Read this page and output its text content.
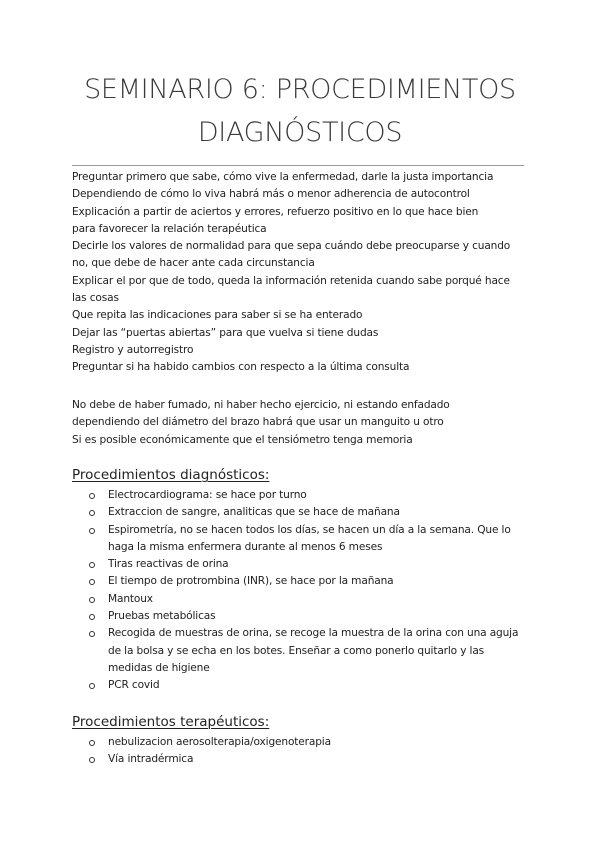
SEMINARIO 6: PROCEDIMIENTOS
DIAGNÓSTICOS

Preguntar primero que sabe, cómo vive la enfermedad, darle la justa importancia

Dependiendo de cómo lo viva habrá más o menor adherencia de autocontrol

Explicación a partir de aciertos y errores, refuerzo positivo en lo que hace bien para favorecer la relación terapéutica

Decirle los valores de normalidad para que sepa cuándo debe preocuparse y cuando no, que debe de hacer ante cada circunstancia

Explicar el por que de todo, queda la información retenida cuando sabe porqué hace las cosas

Que repita las indicaciones para saber si se ha enterado

Dejar las “puertas abiertas” para que vuelva si tiene dudas

Registro y autorregistro

Preguntar si ha habido cambios con respecto a la última consulta

No debe de haber fumado, ni haber hecho ejercicio, ni estando enfadado

dependiendo del diámetro del brazo habrá que usar un manguito u otro

Si es posible económicamente que el tensiómetro tenga memoria

Procedimientos diagnósticos:
Electrocardiograma: se hace por turno
Extraccion de sangre, analiticas que se hace de mañana
Espirometría, no se hacen todos los días, se hacen un día a la semana. Que lo haga la misma enfermera durante al menos 6 meses
Tiras reactivas de orina
El tiempo de protrombina (INR), se hace por la mañana
Mantoux
Pruebas metabólicas
Recogida de muestras de orina, se recoge la muestra de la orina con una aguja de la bolsa y se echa en los botes. Enseñar a como ponerlo quitarlo y las medidas de higiene
PCR covid
Procedimientos terapéuticos:
nebulizacion aerosolterapia/oxigenoterapia
Vía intradérmica
